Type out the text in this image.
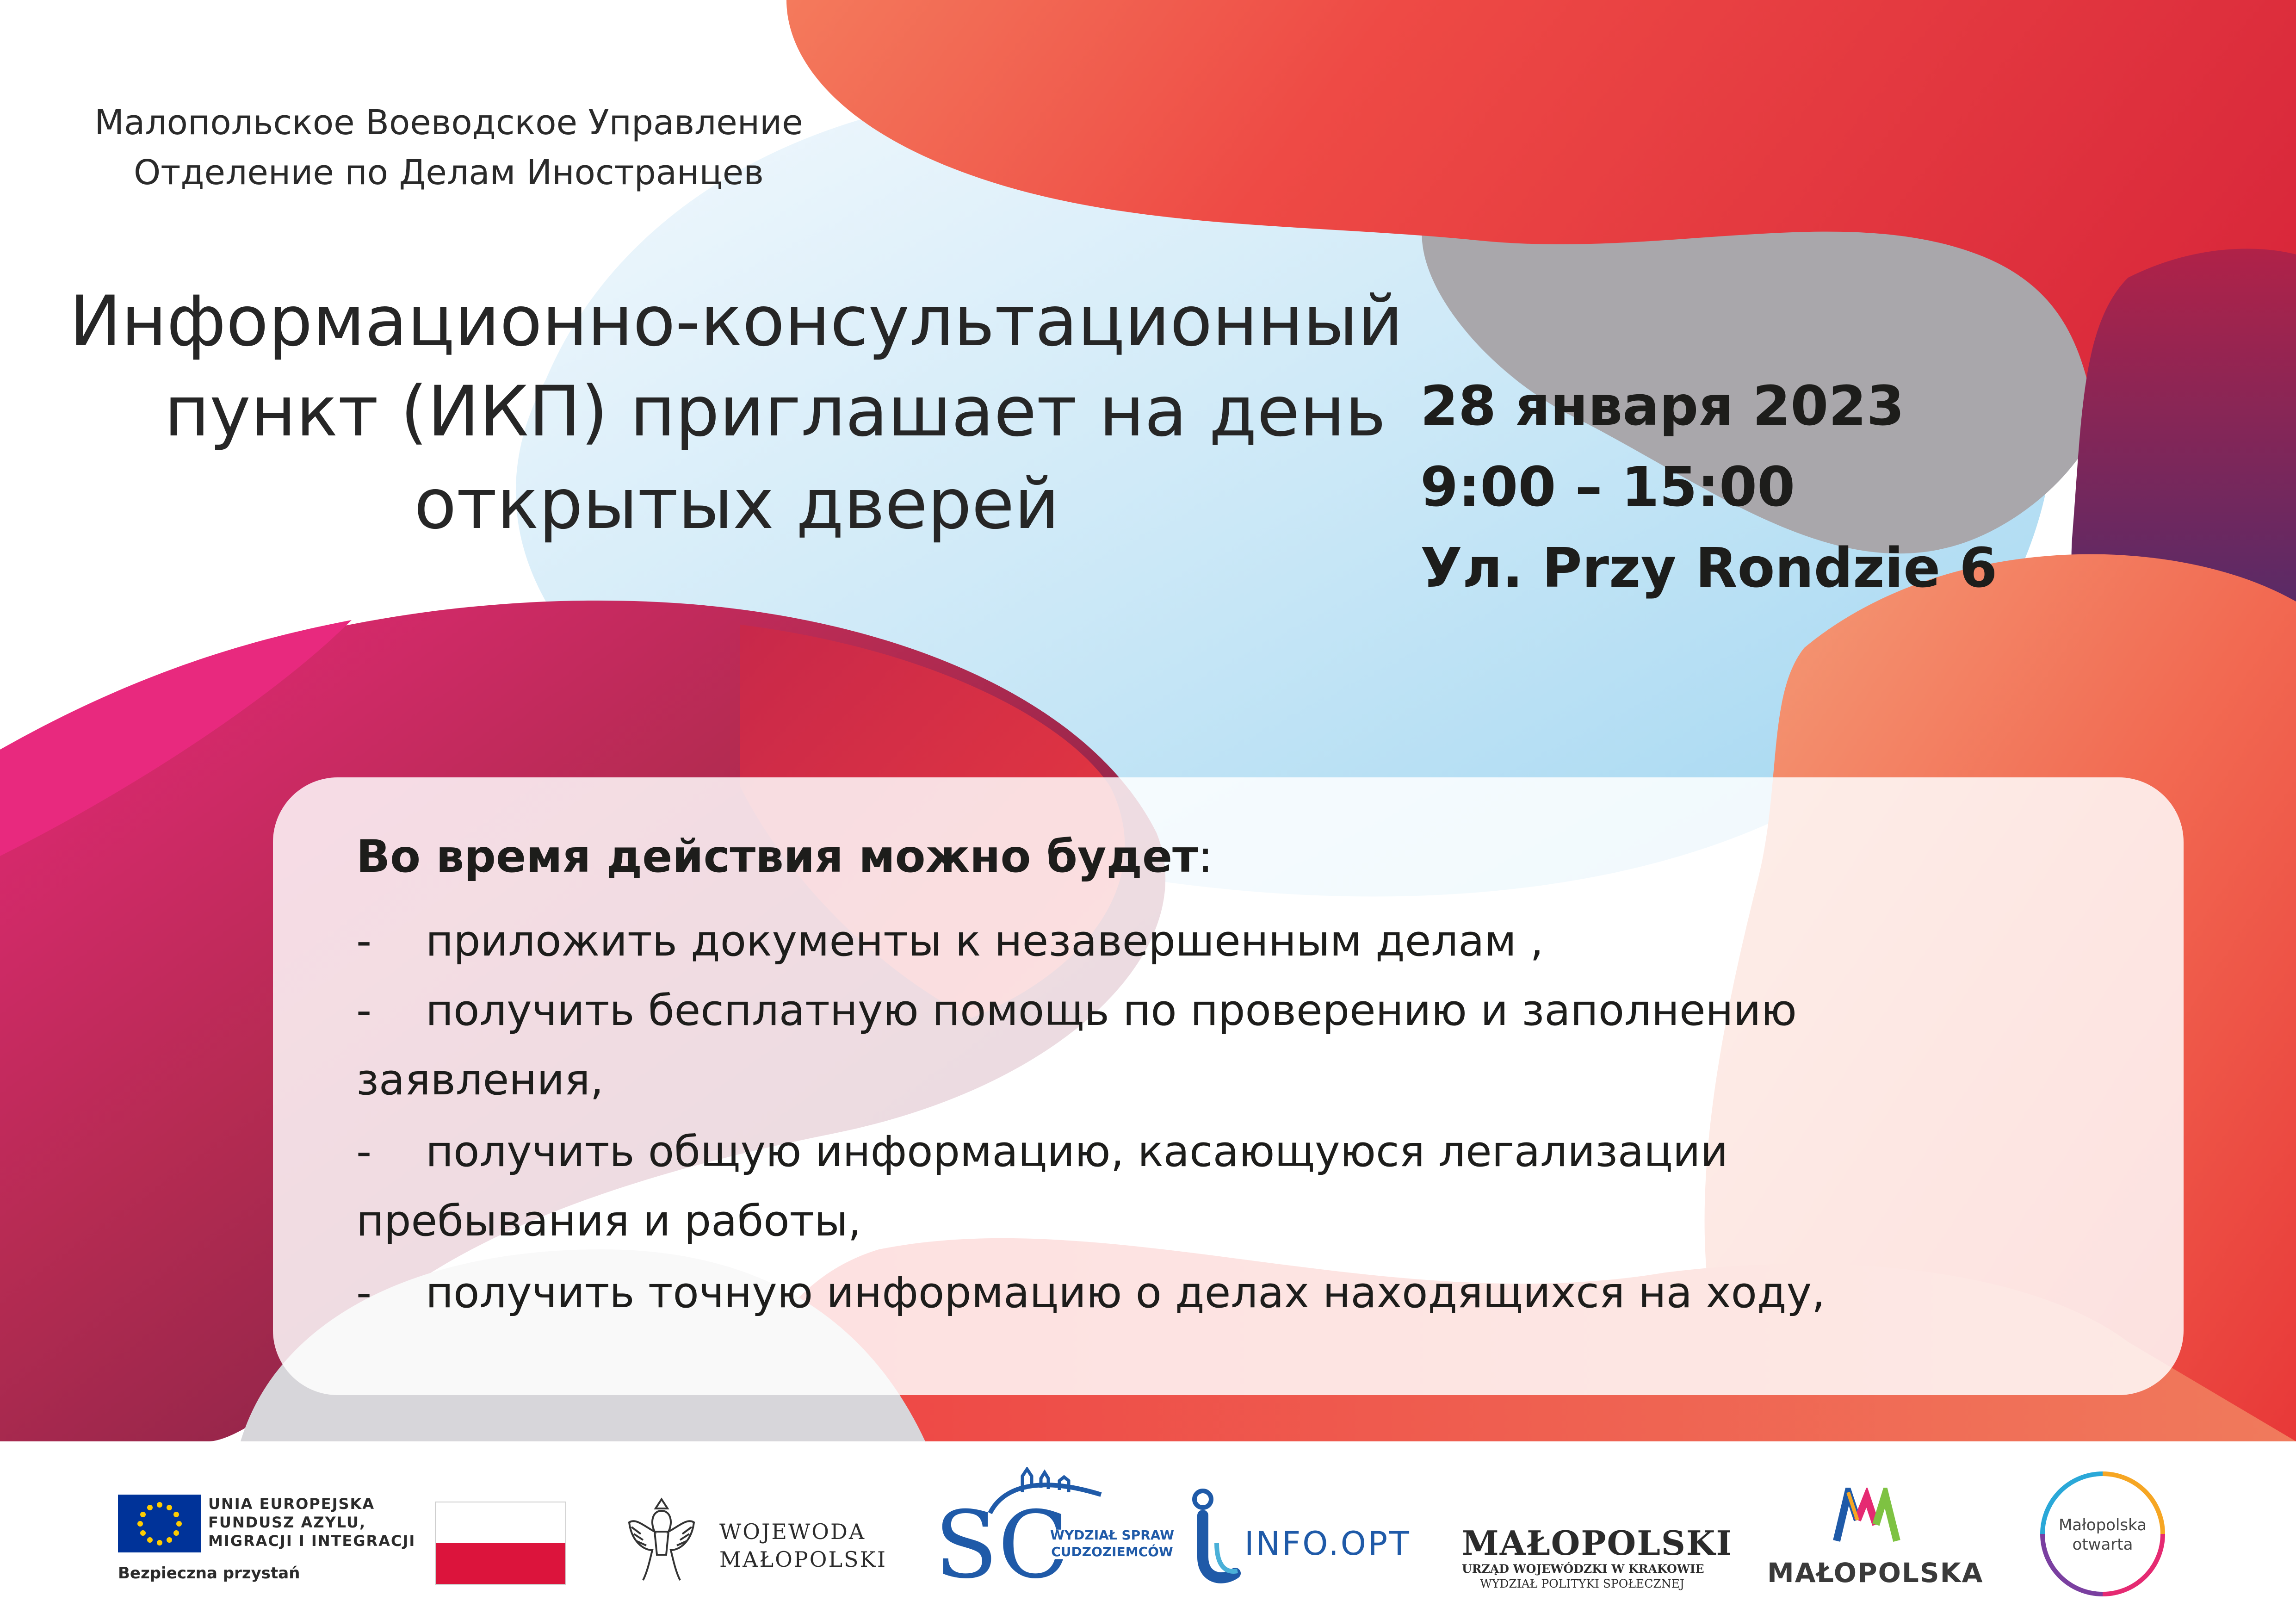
Малопольское Воеводское Управление
Отделение по Делам Иностранцев
Информационно-консультационный
пункт (ИКП) приглашает на день
открытых дверей
28 января 2023
9:00 – 15:00
Ул. Przy Rondzie 6
Во время действия можно будет:
- приложить документы к незавершенным делам ,
- получить бесплатную помощь по проверению и заполнению
заявления,
- получить общую информацию, касающуюся легализации
пребывания и работы,
- получить точную информацию о делах находящихся на ходу,
UNIA EUROPEJSKA
FUNDUSZ AZYLU,
MIGRACJI I INTEGRACJI
Bezpieczna przystań
WOJEWODA
MAŁOPOLSKI SC
WYDZIAŁ SPRAW
CUDZOZIEMCÓW INFO.OPT MAŁOPOLSKI
URZĄD WOJEWÓDZKI W KRAKOWIE
WYDZIAŁ POLITYKI SPOŁECZNEJ	MAŁOPOLSKA
Małopolska
otwarta
